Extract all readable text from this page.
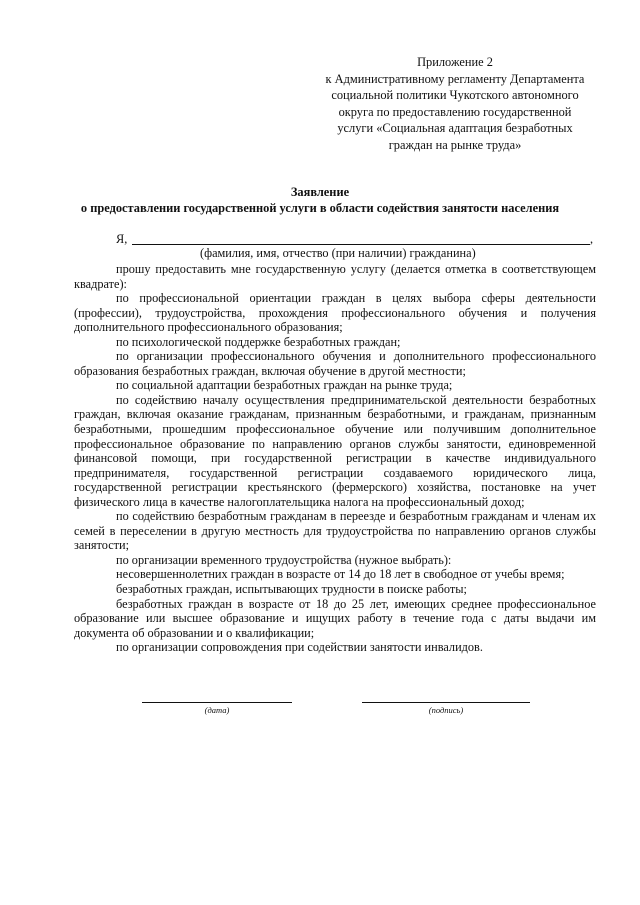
Приложение 2
к Административному регламенту Департамента
социальной политики Чукотского автономного
округа по предоставлению государственной
услуги «Социальная адаптация безработных
граждан на рынке труда»
Заявление
о предоставлении государственной услуги в области содействия занятости населения
Я,	,
(фамилия, имя, отчество (при наличии) гражданина)

прошу предоставить мне государственную услугу (делается отметка в соответствующем квадрате):

по профессиональной ориентации граждан в целях выбора сферы деятельности (профессии), трудоустройства, прохождения профессионального обучения и получения дополнительного профессионального образования;

по психологической поддержке безработных граждан;

по организации профессионального обучения и дополнительного профессионального образования безработных граждан, включая обучение в другой местности;

по социальной адаптации безработных граждан на рынке труда;

по содействию началу осуществления предпринимательской деятельности безработных граждан, включая оказание гражданам, признанным безработными, и гражданам, признанным безработными, прошедшим профессиональное обучение или получившим дополнительное профессиональное образование по направлению органов службы занятости, единовременной финансовой помощи, при государственной регистрации в качестве индивидуального предпринимателя, государственной регистрации создаваемого юридического лица, государственной регистрации крестьянского (фермерского) хозяйства, постановке на учет физического лица в качестве налогоплательщика налога на профессиональный доход;

по содействию безработным гражданам в переезде и безработным гражданам и членам их семей в переселении в другую местность для трудоустройства по направлению органов службы занятости;

по организации временного трудоустройства (нужное выбрать):

несовершеннолетних граждан в возрасте от 14 до 18 лет в свободное от учебы время;

безработных граждан, испытывающих трудности в поиске работы;

безработных граждан в возрасте от 18 до 25 лет, имеющих среднее профессиональное образование или высшее образование и ищущих работу в течение года с даты выдачи им документа об образовании и о квалификации;

по организации сопровождения при содействии занятости инвалидов.

(дата)	(подпись)
